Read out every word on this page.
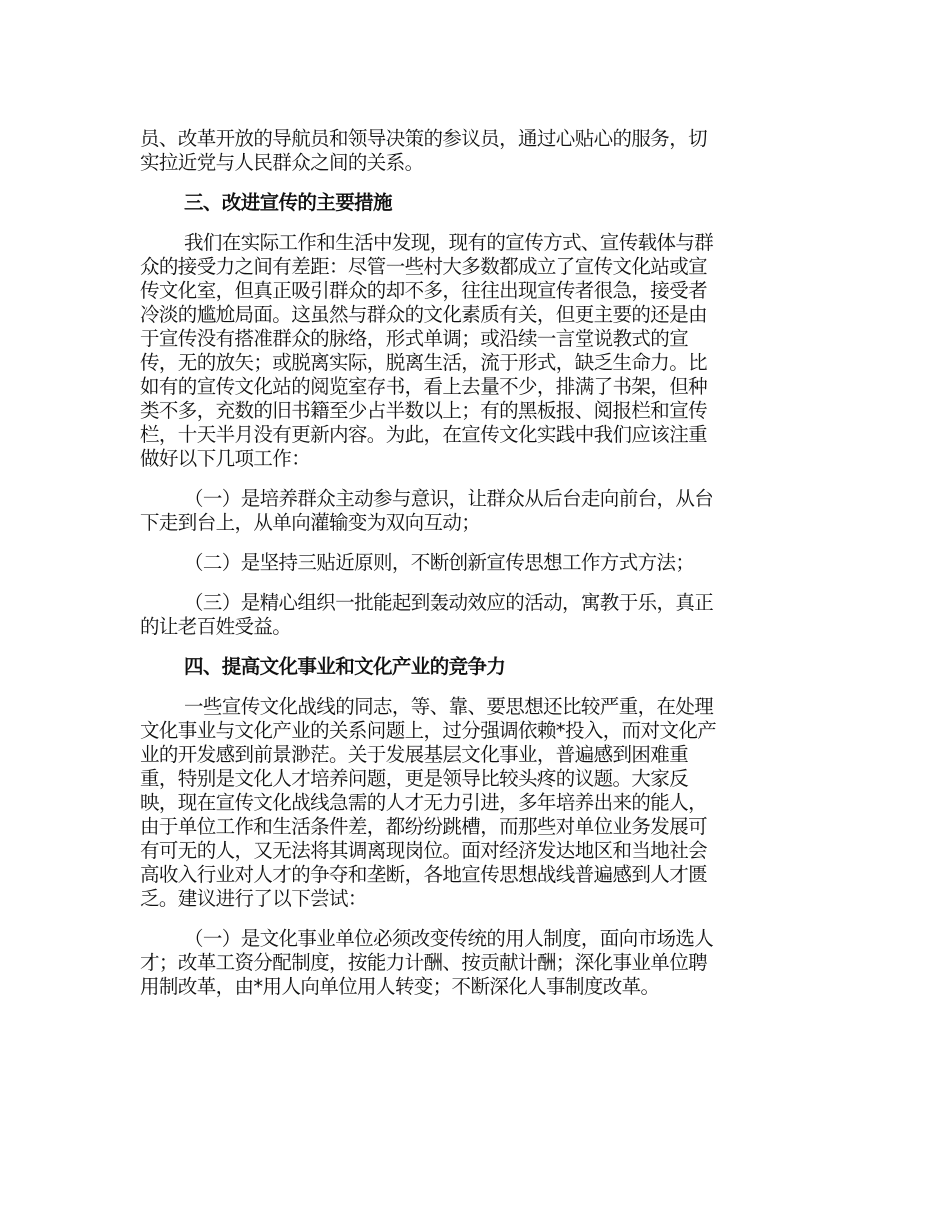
员、改革开放的导航员和领导决策的参议员，通过心贴心的服务，切
实拉近党与人民群众之间的关系。
三、改进宣传的主要措施
我们在实际工作和生活中发现，现有的宣传方式、宣传载体与群
众的接受力之间有差距：尽管一些村大多数都成立了宣传文化站或宣
传文化室，但真正吸引群众的却不多，往往出现宣传者很急，接受者
冷淡的尴尬局面。这虽然与群众的文化素质有关，但更主要的还是由
于宣传没有搭准群众的脉络，形式单调；或沿续一言堂说教式的宣
传，无的放矢；或脱离实际，脱离生活，流于形式，缺乏生命力。比
如有的宣传文化站的阅览室存书，看上去量不少，排满了书架，但种
类不多，充数的旧书籍至少占半数以上；有的黑板报、阅报栏和宣传
栏，十天半月没有更新内容。为此，在宣传文化实践中我们应该注重
做好以下几项工作：
（一）是培养群众主动参与意识，让群众从后台走向前台，从台
下走到台上，从单向灌输变为双向互动；
（二）是坚持三贴近原则，不断创新宣传思想工作方式方法；
（三）是精心组织一批能起到轰动效应的活动，寓教于乐，真正
的让老百姓受益。
四、提高文化事业和文化产业的竞争力
一些宣传文化战线的同志，等、靠、要思想还比较严重，在处理
文化事业与文化产业的关系问题上，过分强调依赖*投入，而对文化产
业的开发感到前景渺茫。关于发展基层文化事业，普遍感到困难重
重，特别是文化人才培养问题，更是领导比较头疼的议题。大家反
映，现在宣传文化战线急需的人才无力引进，多年培养出来的能人，
由于单位工作和生活条件差，都纷纷跳槽，而那些对单位业务发展可
有可无的人，又无法将其调离现岗位。面对经济发达地区和当地社会
高收入行业对人才的争夺和垄断，各地宣传思想战线普遍感到人才匮
乏。建议进行了以下尝试：
（一）是文化事业单位必须改变传统的用人制度，面向市场选人
才；改革工资分配制度，按能力计酬、按贡献计酬；深化事业单位聘
用制改革，由*用人向单位用人转变；不断深化人事制度改革。
